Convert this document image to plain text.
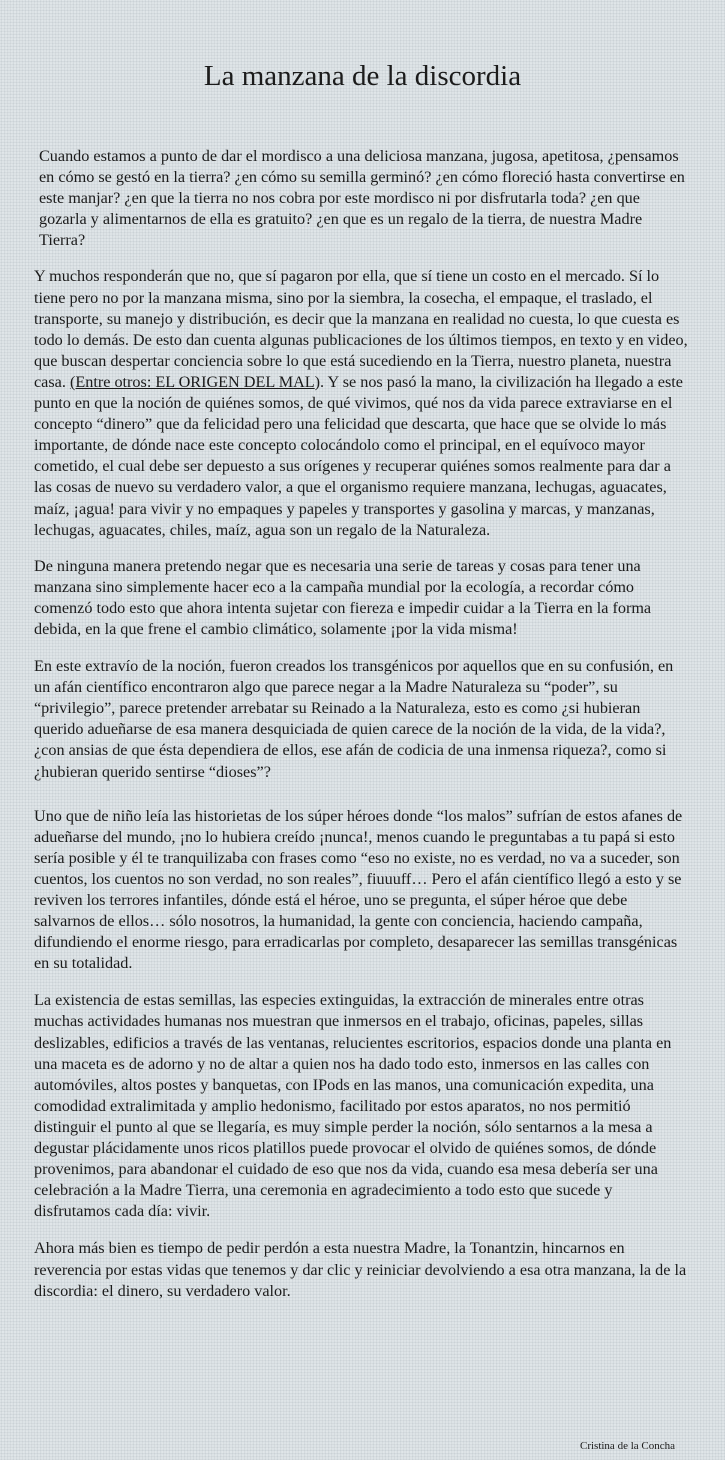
La manzana de la discordia

Cuando estamos a punto de dar el mordisco a una deliciosa manzana, jugosa, apetitosa, ¿pensamos en cómo se gestó en la tierra? ¿en cómo su semilla germinó? ¿en cómo floreció hasta convertirse en este manjar? ¿en que la tierra no nos cobra por este mordisco ni por disfrutarla toda? ¿en que gozarla y alimentarnos de ella es gratuito? ¿en que es un regalo de la tierra, de nuestra Madre Tierra?

Y muchos responderán que no, que sí pagaron por ella, que sí tiene un costo en el mercado. Sí lo tiene pero no por la manzana misma, sino por la siembra, la cosecha, el empaque, el traslado, el transporte, su manejo y distribución, es decir que la manzana en realidad no cuesta, lo que cuesta es todo lo demás. De esto dan cuenta algunas publicaciones de los últimos tiempos, en texto y en video, que buscan despertar conciencia sobre lo que está sucediendo en la Tierra, nuestro planeta, nuestra casa. (Entre otros: EL ORIGEN DEL MAL). Y se nos pasó la mano, la civilización ha llegado a este punto en que la noción de quiénes somos, de qué vivimos, qué nos da vida parece extraviarse en el concepto “dinero” que da felicidad pero una felicidad que descarta, que hace que se olvide lo más importante, de dónde nace este concepto colocándolo como el principal, en el equívoco mayor cometido, el cual debe ser depuesto a sus orígenes y recuperar quiénes somos realmente para dar a las cosas de nuevo su verdadero valor, a que el organismo requiere manzana, lechugas, aguacates, maíz, ¡agua! para vivir y no empaques y papeles y transportes y gasolina y marcas, y manzanas, lechugas, aguacates, chiles, maíz, agua son un regalo de la Naturaleza.

De ninguna manera pretendo negar que es necesaria una serie de tareas y cosas para tener una manzana sino simplemente hacer eco a la campaña mundial por la ecología, a recordar cómo comenzó todo esto que ahora intenta sujetar con fiereza e impedir cuidar a la Tierra en la forma debida, en la que frene el cambio climático, solamente ¡por la vida misma!

En este extravío de la noción, fueron creados los transgénicos por aquellos que en su confusión, en un afán científico encontraron algo que parece negar a la Madre Naturaleza su “poder”, su “privilegio”, parece pretender arrebatar su Reinado a la Naturaleza, esto es como ¿si hubieran querido adueñarse de esa manera desquiciada de quien carece de la noción de la vida, de la vida?, ¿con ansias de que ésta dependiera de ellos, ese afán de codicia de una inmensa riqueza?, como si ¿hubieran querido sentirse “dioses”?

Uno que de niño leía las historietas de los súper héroes donde “los malos” sufrían de estos afanes de adueñarse del mundo, ¡no lo hubiera creído ¡nunca!, menos cuando le preguntabas a tu papá si esto sería posible y él te tranquilizaba con frases como “eso no existe, no es verdad, no va a suceder, son cuentos, los cuentos no son verdad, no son reales”, fiuuuff… Pero el afán científico llegó a esto y se reviven los terrores infantiles, dónde está el héroe, uno se pregunta, el súper héroe que debe salvarnos de ellos… sólo nosotros, la humanidad, la gente con conciencia, haciendo campaña, difundiendo el enorme riesgo, para erradicarlas por completo, desaparecer las semillas transgénicas en su totalidad.

La existencia de estas semillas, las especies extinguidas, la extracción de minerales entre otras muchas actividades humanas nos muestran que inmersos en el trabajo, oficinas, papeles, sillas deslizables, edificios a través de las ventanas, relucientes escritorios, espacios donde una planta en una maceta es de adorno y no de altar a quien nos ha dado todo esto, inmersos en las calles con automóviles, altos postes y banquetas, con IPods en las manos, una comunicación expedita, una comodidad extralimitada y amplio hedonismo, facilitado por estos aparatos, no nos permitió distinguir el punto al que se llegaría, es muy simple perder la noción, sólo sentarnos a la mesa a degustar plácidamente unos ricos platillos puede provocar el olvido de quiénes somos, de dónde provenimos, para abandonar el cuidado de eso que nos da vida, cuando esa mesa debería ser una celebración a la Madre Tierra, una ceremonia en agradecimiento a todo esto que sucede y disfrutamos cada día: vivir.

Ahora más bien es tiempo de pedir perdón a esta nuestra Madre, la Tonantzin, hincarnos en reverencia por estas vidas que tenemos y dar clic y reiniciar devolviendo a esa otra manzana, la de la discordia: el dinero, su verdadero valor.

Cristina de la Concha
